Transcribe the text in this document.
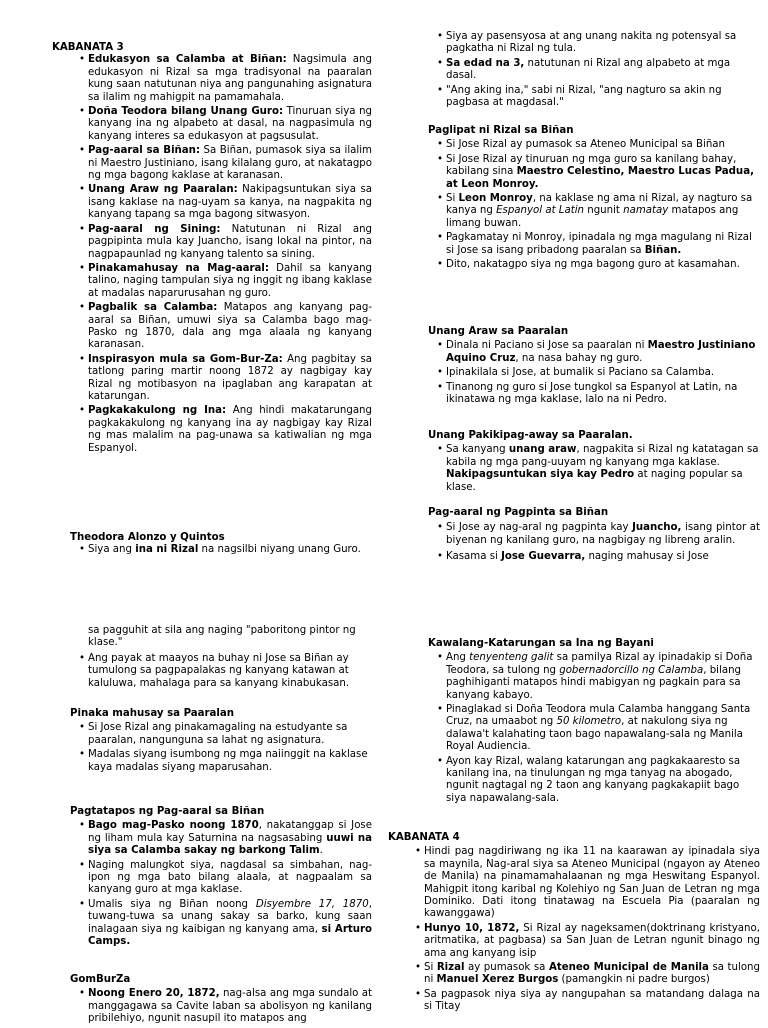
KABANATA 3

• Edukasyon sa Calamba at Biñan: Nagsimula ang edukasyon ni Rizal sa mga tradisyonal na paaralan kung saan natutunan niya ang pangunahing asignatura sa ilalim ng mahigpit na pamamahala.
• Doña Teodora bilang Unang Guro: Tinuruan siya ng kanyang ina ng alpabeto at dasal, na nagpasimula ng kanyang interes sa edukasyon at pagsusulat.
• Pag-aaral sa Biñan: Sa Biñan, pumasok siya sa ilalim ni Maestro Justiniano, isang kilalang guro, at nakatagpo ng mga bagong kaklase at karanasan.
• Unang Araw ng Paaralan: Nakipagsuntukan siya sa isang kaklase na nag-uyam sa kanya, na nagpakita ng kanyang tapang sa mga bagong sitwasyon.
• Pag-aaral ng Sining: Natutunan ni Rizal ang pagpipinta mula kay Juancho, isang lokal na pintor, na nagpapaunlad ng kanyang talento sa sining.
• Pinakamahusay na Mag-aaral: Dahil sa kanyang talino, naging tampulan siya ng inggit ng ibang kaklase at madalas naparurusahan ng guro.
• Pagbalik sa Calamba: Matapos ang kanyang pag-aaral sa Biñan, umuwi siya sa Calamba bago mag-Pasko ng 1870, dala ang mga alaala ng kanyang karanasan.
• Inspirasyon mula sa Gom-Bur-Za: Ang pagbitay sa tatlong paring martir noong 1872 ay nagbigay kay Rizal ng motibasyon na ipaglaban ang karapatan at katarungan.
• Pagkakakulong ng Ina: Ang hindi makatarungang pagkakakulong ng kanyang ina ay nagbigay kay Rizal ng mas malalim na pag-unawa sa katiwalian ng mga Espanyol.

Theodora Alonzo y Quintos

• Siya ang ina ni Rizal na nagsilbi niyang unang Guro.
• Siya ay pasensyosa at ang unang nakita ng potensyal sa pagkatha ni Rizal ng tula.
• Sa edad na 3, natutunan ni Rizal ang alpabeto at mga dasal.
• "Ang aking ina," sabi ni Rizal, "ang nagturo sa akin ng pagbasa at magdasal."

Paglipat ni Rizal sa Biñan

• Si Jose Rizal ay pumasok sa Ateneo Municipal sa Biñan
• Si Jose Rizal ay tinuruan ng mga guro sa kanilang bahay, kabilang sina Maestro Celestino, Maestro Lucas Padua, at Leon Monroy.
• Si Leon Monroy, na kaklase ng ama ni Rizal, ay nagturo sa kanya ng Espanyol at Latin ngunit namatay matapos ang limang buwan.
• Pagkamatay ni Monroy, ipinadala ng mga magulang ni Rizal si Jose sa isang pribadong paaralan sa Biñan.
• Dito, nakatagpo siya ng mga bagong guro at kasamahan.

Unang Araw sa Paaralan

• Dinala ni Paciano si Jose sa paaralan ni Maestro Justiniano Aquino Cruz, na nasa bahay ng guro.
• Ipinakilala si Jose, at bumalik si Paciano sa Calamba.
• Tinanong ng guro si Jose tungkol sa Espanyol at Latin, na ikinatawa ng mga kaklase, lalo na ni Pedro.

Unang Pakikipag-away sa Paaralan.

• Sa kanyang unang araw, nagpakita si Rizal ng katatagan sa kabila ng mga pang-uuyam ng kanyang mga kaklase. Nakipagsuntukan siya kay Pedro at naging popular sa klase.

Pag-aaral ng Pagpinta sa Biñan

• Si Jose ay nag-aral ng pagpinta kay Juancho, isang pintor at biyenan ng kanilang guro, na nagbigay ng libreng aralin.
• Kasama si Jose Guevarra, naging mahusay si Jose

sa pagguhit at sila ang naging "paboritong pintor ng klase."

• Ang payak at maayos na buhay ni Jose sa Biñan ay tumulong sa pagpapalakas ng kanyang katawan at kaluluwa, mahalaga para sa kanyang kinabukasan.

Pinaka mahusay sa Paaralan

• Si Jose Rizal ang pinakamagaling na estudyante sa paaralan, nangunguna sa lahat ng asignatura.
• Madalas siyang isumbong ng mga naiinggit na kaklase kaya madalas siyang maparusahan.

Pagtatapos ng Pag-aaral sa Biñan

• Bago mag-Pasko noong 1870, nakatanggap si Jose ng liham mula kay Saturnina na nagsasabing uuwi na siya sa Calamba sakay ng barkong Talim.
• Naging malungkot siya, nagdasal sa simbahan, nag-ipon ng mga bato bilang alaala, at nagpaalam sa kanyang guro at mga kaklase.
• Umalis siya ng Biñan noong Disyembre 17, 1870, tuwang-tuwa sa unang sakay sa barko, kung saan inalagaan siya ng kaibigan ng kanyang ama, si Arturo Camps.

GomBurZa

• Noong Enero 20, 1872, nag-alsa ang mga sundalo at manggagawa sa Cavite laban sa abolisyon ng kanilang pribilehiyo, ngunit nasupil ito matapos ang

Kawalang-Katarungan sa Ina ng Bayani

• Ang tenyenteng galit sa pamilya Rizal ay ipinadakip si Doña Teodora, sa tulong ng gobernadorcillo ng Calamba, bilang paghihiganti matapos hindi mabigyan ng pagkain para sa kanyang kabayo.
• Pinaglakad si Doña Teodora mula Calamba hanggang Santa Cruz, na umaabot ng 50 kilometro, at nakulong siya ng dalawa't kalahating taon bago napawalang-sala ng Manila Royal Audiencia.
• Ayon kay Rizal, walang katarungan ang pagkakaaresto sa kanilang ina, na tinulungan ng mga tanyag na abogado, ngunit nagtagal ng 2 taon ang kanyang pagkakapiit bago siya napawalang-sala.

KABANATA 4

• Hindi pag nagdiriwang ng ika 11 na kaarawan ay ipinadala siya sa maynila, Nag-aral siya sa Ateneo Municipal (ngayon ay Ateneo de Manila) na pinamamahalaanan ng mga Heswitang Espanyol. Mahigpit itong karibal ng Kolehiyo ng San Juan de Letran ng mga Dominiko. Dati itong tinatawag na Escuela Pia (paaralan ng kawanggawa)
• Hunyo 10, 1872, Si Rizal ay nageksamen(doktrinang kristyano, aritmatika, at pagbasa) sa San Juan de Letran ngunit binago ng ama ang kanyang isip
• Si Rizal ay pumasok sa Ateneo Municipal de Manila sa tulong ni Manuel Xerez Burgos (pamangkin ni padre burgos)
• Sa pagpasok niya siya ay nangupahan sa matandang dalaga na si Titay
